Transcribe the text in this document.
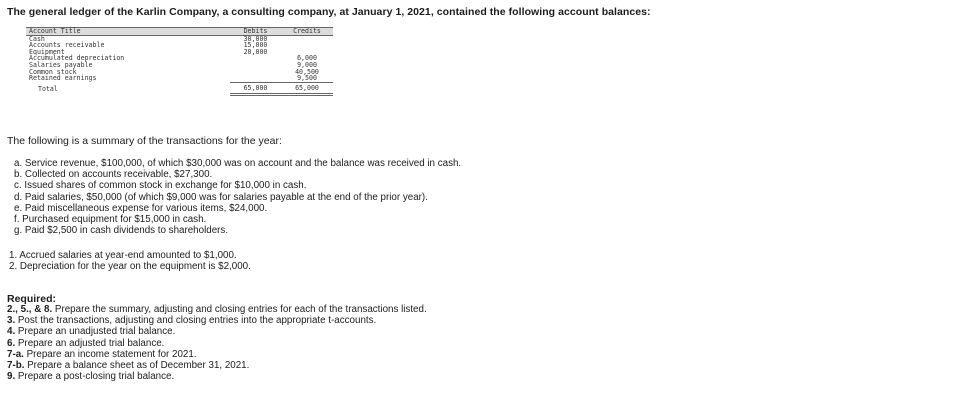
The general ledger of the Karlin Company, a consulting company, at January 1, 2021, contained the following account balances:
Account Title	Debits	Credits
Cash	30,000	
Accounts receivable	15,000	
Equipment	20,000	
Accumulated depreciation		6,000
Salaries payable		9,000
Common stock		40,500
Retained earnings		9,500
Total	65,000	65,000
The following is a summary of the transactions for the year:
a. Service revenue, $100,000, of which $30,000 was on account and the balance was received in cash.
b. Collected on accounts receivable, $27,300.
c. Issued shares of common stock in exchange for $10,000 in cash.
d. Paid salaries, $50,000 (of which $9,000 was for salaries payable at the end of the prior year).
e. Paid miscellaneous expense for various items, $24,000.
f. Purchased equipment for $15,000 in cash.
g. Paid $2,500 in cash dividends to shareholders.
1. Accrued salaries at year-end amounted to $1,000.
2. Depreciation for the year on the equipment is $2,000.
Required:
2., 5., & 8. Prepare the summary, adjusting and closing entries for each of the transactions listed.
3. Post the transactions, adjusting and closing entries into the appropriate t-accounts.
4. Prepare an unadjusted trial balance.
6. Prepare an adjusted trial balance.
7-a. Prepare an income statement for 2021.
7-b. Prepare a balance sheet as of December 31, 2021.
9. Prepare a post-closing trial balance.
